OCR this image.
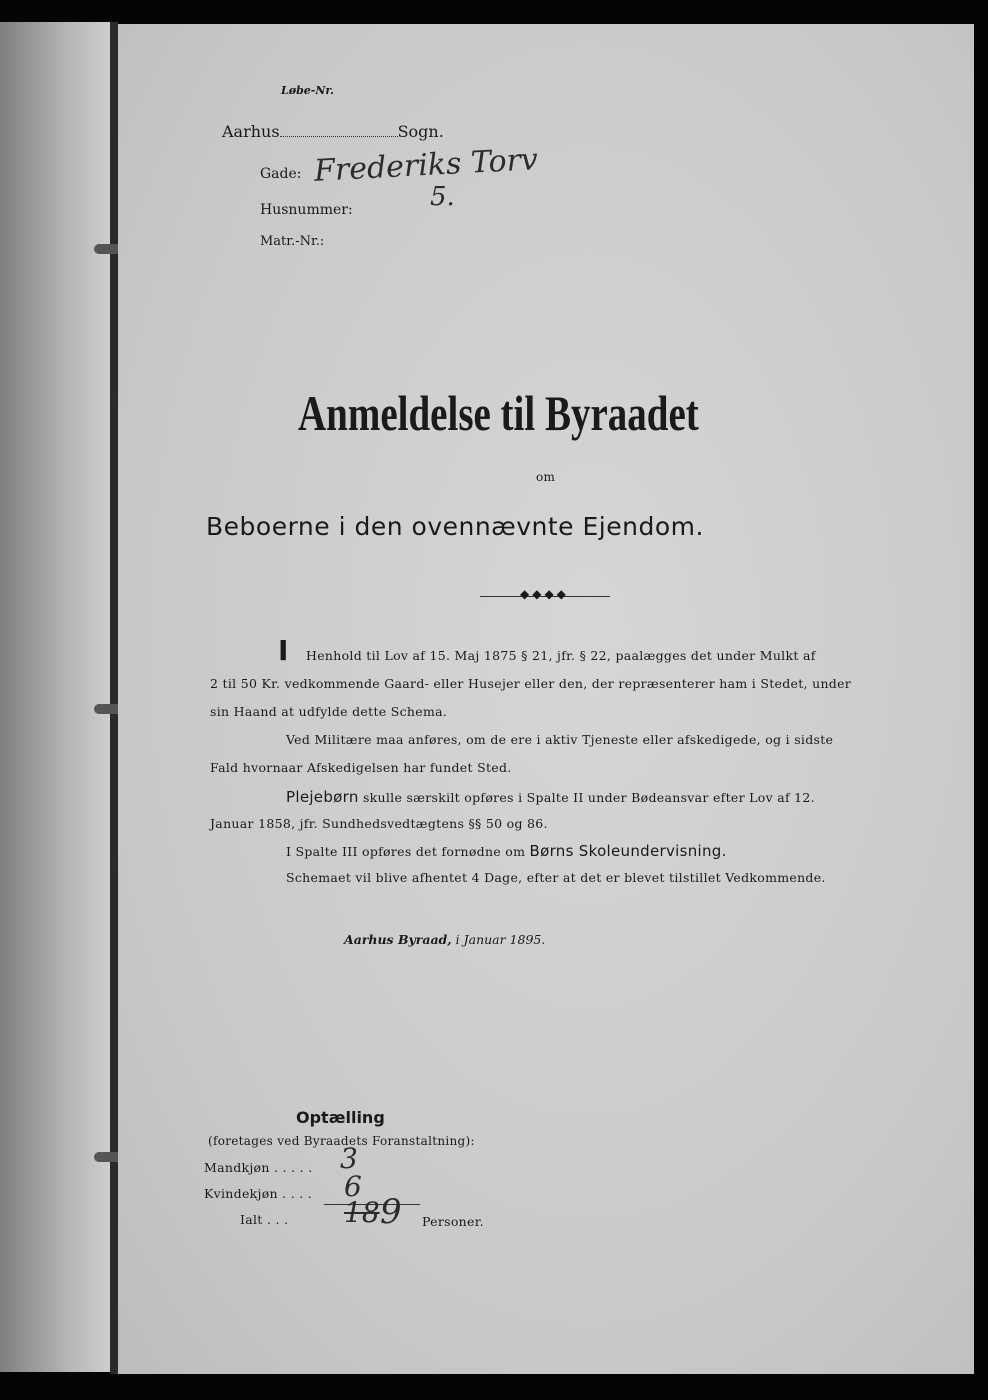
Løbe-Nr.
Aarhus	Sogn.
Gade: Frederiks Torv
Husnummer:	5.
Matr.-Nr.:
Anmeldelse til Byraadet
om
Beboerne i den ovennævnte Ejendom.
◆◆◆◆
I Henhold til Lov af 15. Maj 1875 § 21, jfr. § 22, paalægges det under Mulkt af
2 til 50 Kr. vedkommende Gaard- eller Husejer eller den, der repræsenterer ham i Stedet, under
sin Haand at udfylde dette Schema.
Ved Militære maa anføres, om de ere i aktiv Tjeneste eller afskedigede, og i sidste
Fald hvornaar Afskedigelsen har fundet Sted.
Plejebørn skulle særskilt opføres i Spalte II under Bødeansvar efter Lov af 12.
Januar 1858, jfr. Sundhedsvedtægtens §§ 50 og 86.
I Spalte III opføres det fornødne om Børns Skoleundervisning.
Schemaet vil blive afhentet 4 Dage, efter at det er blevet tilstillet Vedkommende.
Aarhus Byraad, i Januar 1895.
Optælling
(foretages ved Byraadets Foranstaltning):
Mandkjøn . . . . . 3
Kvindekjøn . . . . 6
Ialt . . . 18 9 Personer.
